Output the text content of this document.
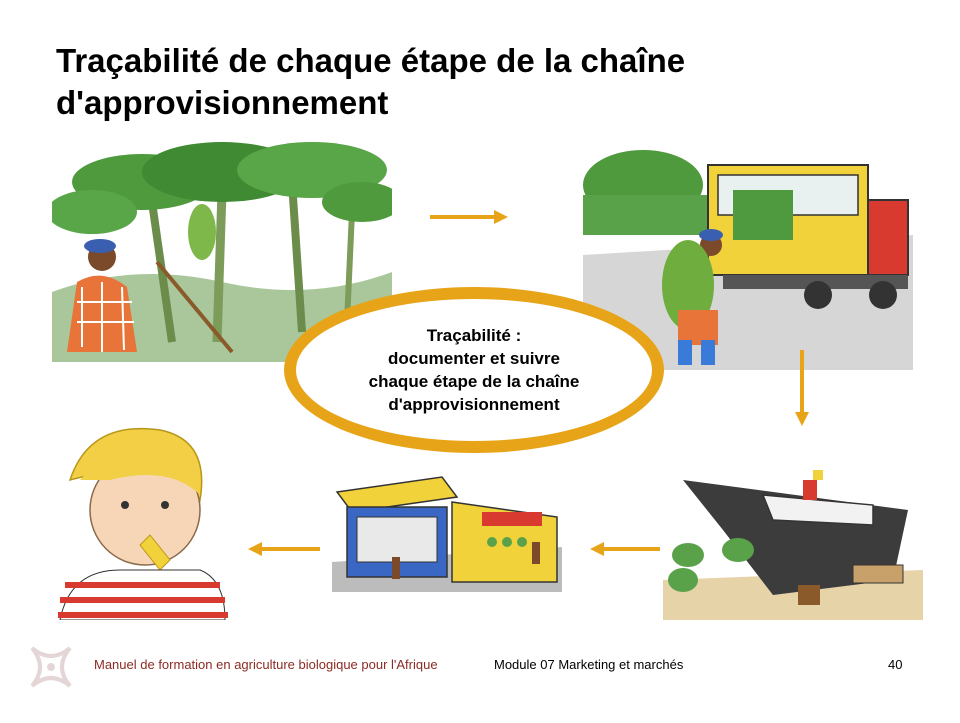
Traçabilité de chaque étape de la chaîne
d'approvisionnement
Traçabilité :
documenter et suivre
chaque étape de la chaîne
d'approvisionnement
Manuel de formation en agriculture biologique pour l'Afrique	Module 07 Marketing et marchés	40
